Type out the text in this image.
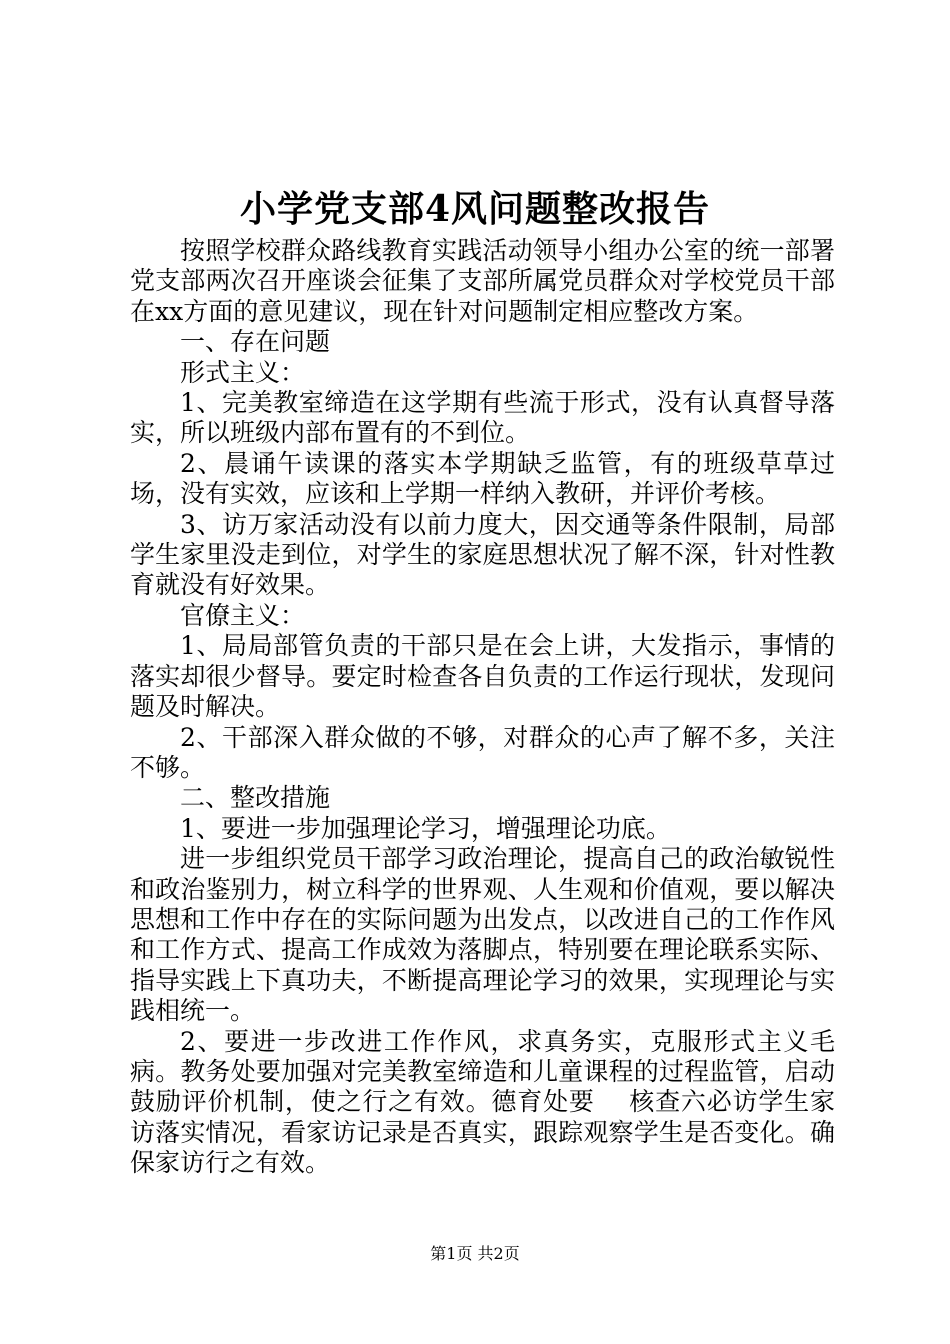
小学党支部4风问题整改报告

按照学校群众路线教育实践活动领导小组办公室的统一部署党支部两次召开座谈会征集了支部所属党员群众对学校党员干部在xx方面的意见建议，现在针对问题制定相应整改方案。

一、存在问题

形式主义：

1、完美教室缔造在这学期有些流于形式，没有认真督导落实，所以班级内部布置有的不到位。

2、晨诵午读课的落实本学期缺乏监管，有的班级草草过场，没有实效，应该和上学期一样纳入教研，并评价考核。

3、访万家活动没有以前力度大，因交通等条件限制，局部学生家里没走到位，对学生的家庭思想状况了解不深，针对性教育就没有好效果。

官僚主义：

1、局局部管负责的干部只是在会上讲，大发指示，事情的落实却很少督导。要定时检查各自负责的工作运行现状，发现问题及时解决。

2、干部深入群众做的不够，对群众的心声了解不多，关注不够。

二、整改措施

1、要进一步加强理论学习，增强理论功底。

进一步组织党员干部学习政治理论，提高自己的政治敏锐性和政治鉴别力，树立科学的世界观、人生观和价值观，要以解决思想和工作中存在的实际问题为出发点，以改进自己的工作作风和工作方式、提高工作成效为落脚点，特别要在理论联系实际、指导实践上下真功夫，不断提高理论学习的效果，实现理论与实践相统一。

2、要进一步改进工作作风，求真务实，克服形式主义毛病。教务处要加强对完美教室缔造和儿童课程的过程监管，启动鼓励评价机制，使之行之有效。德育处要　 核查六必访学生家访落实情况，看家访记录是否真实，跟踪观察学生是否变化。确保家访行之有效。

第1页 共2页
